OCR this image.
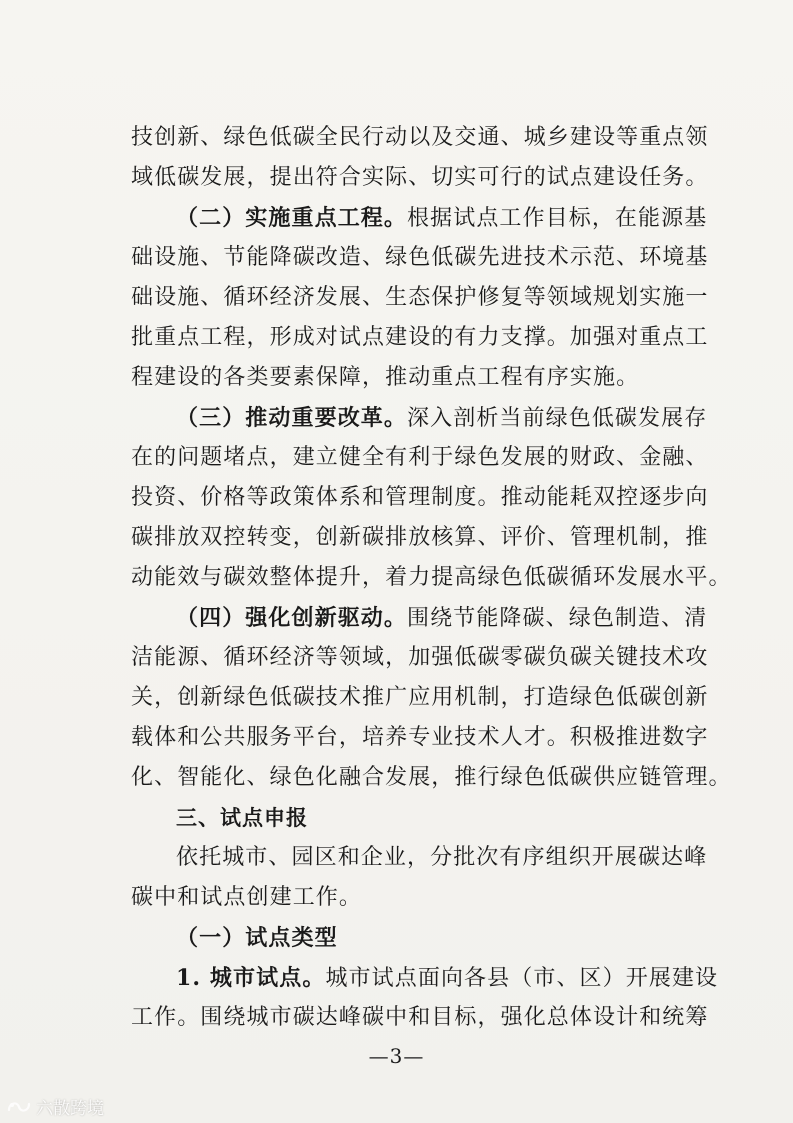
技创新、绿色低碳全民行动以及交通、城乡建设等重点领
域低碳发展，提出符合实际、切实可行的试点建设任务。
（二）实施重点工程。根据试点工作目标，在能源基
础设施、节能降碳改造、绿色低碳先进技术示范、环境基
础设施、循环经济发展、生态保护修复等领域规划实施一
批重点工程，形成对试点建设的有力支撑。加强对重点工
程建设的各类要素保障，推动重点工程有序实施。
（三）推动重要改革。深入剖析当前绿色低碳发展存
在的问题堵点，建立健全有利于绿色发展的财政、金融、
投资、价格等政策体系和管理制度。推动能耗双控逐步向
碳排放双控转变，创新碳排放核算、评价、管理机制，推
动能效与碳效整体提升，着力提高绿色低碳循环发展水平。
（四）强化创新驱动。围绕节能降碳、绿色制造、清
洁能源、循环经济等领域，加强低碳零碳负碳关键技术攻
关，创新绿色低碳技术推广应用机制，打造绿色低碳创新
载体和公共服务平台，培养专业技术人才。积极推进数字
化、智能化、绿色化融合发展，推行绿色低碳供应链管理。
三、试点申报
依托城市、园区和企业，分批次有序组织开展碳达峰
碳中和试点创建工作。
（一）试点类型
1. 城市试点。城市试点面向各县（市、区）开展建设
工作。围绕城市碳达峰碳中和目标，强化总体设计和统筹
—3—
六散跨境
